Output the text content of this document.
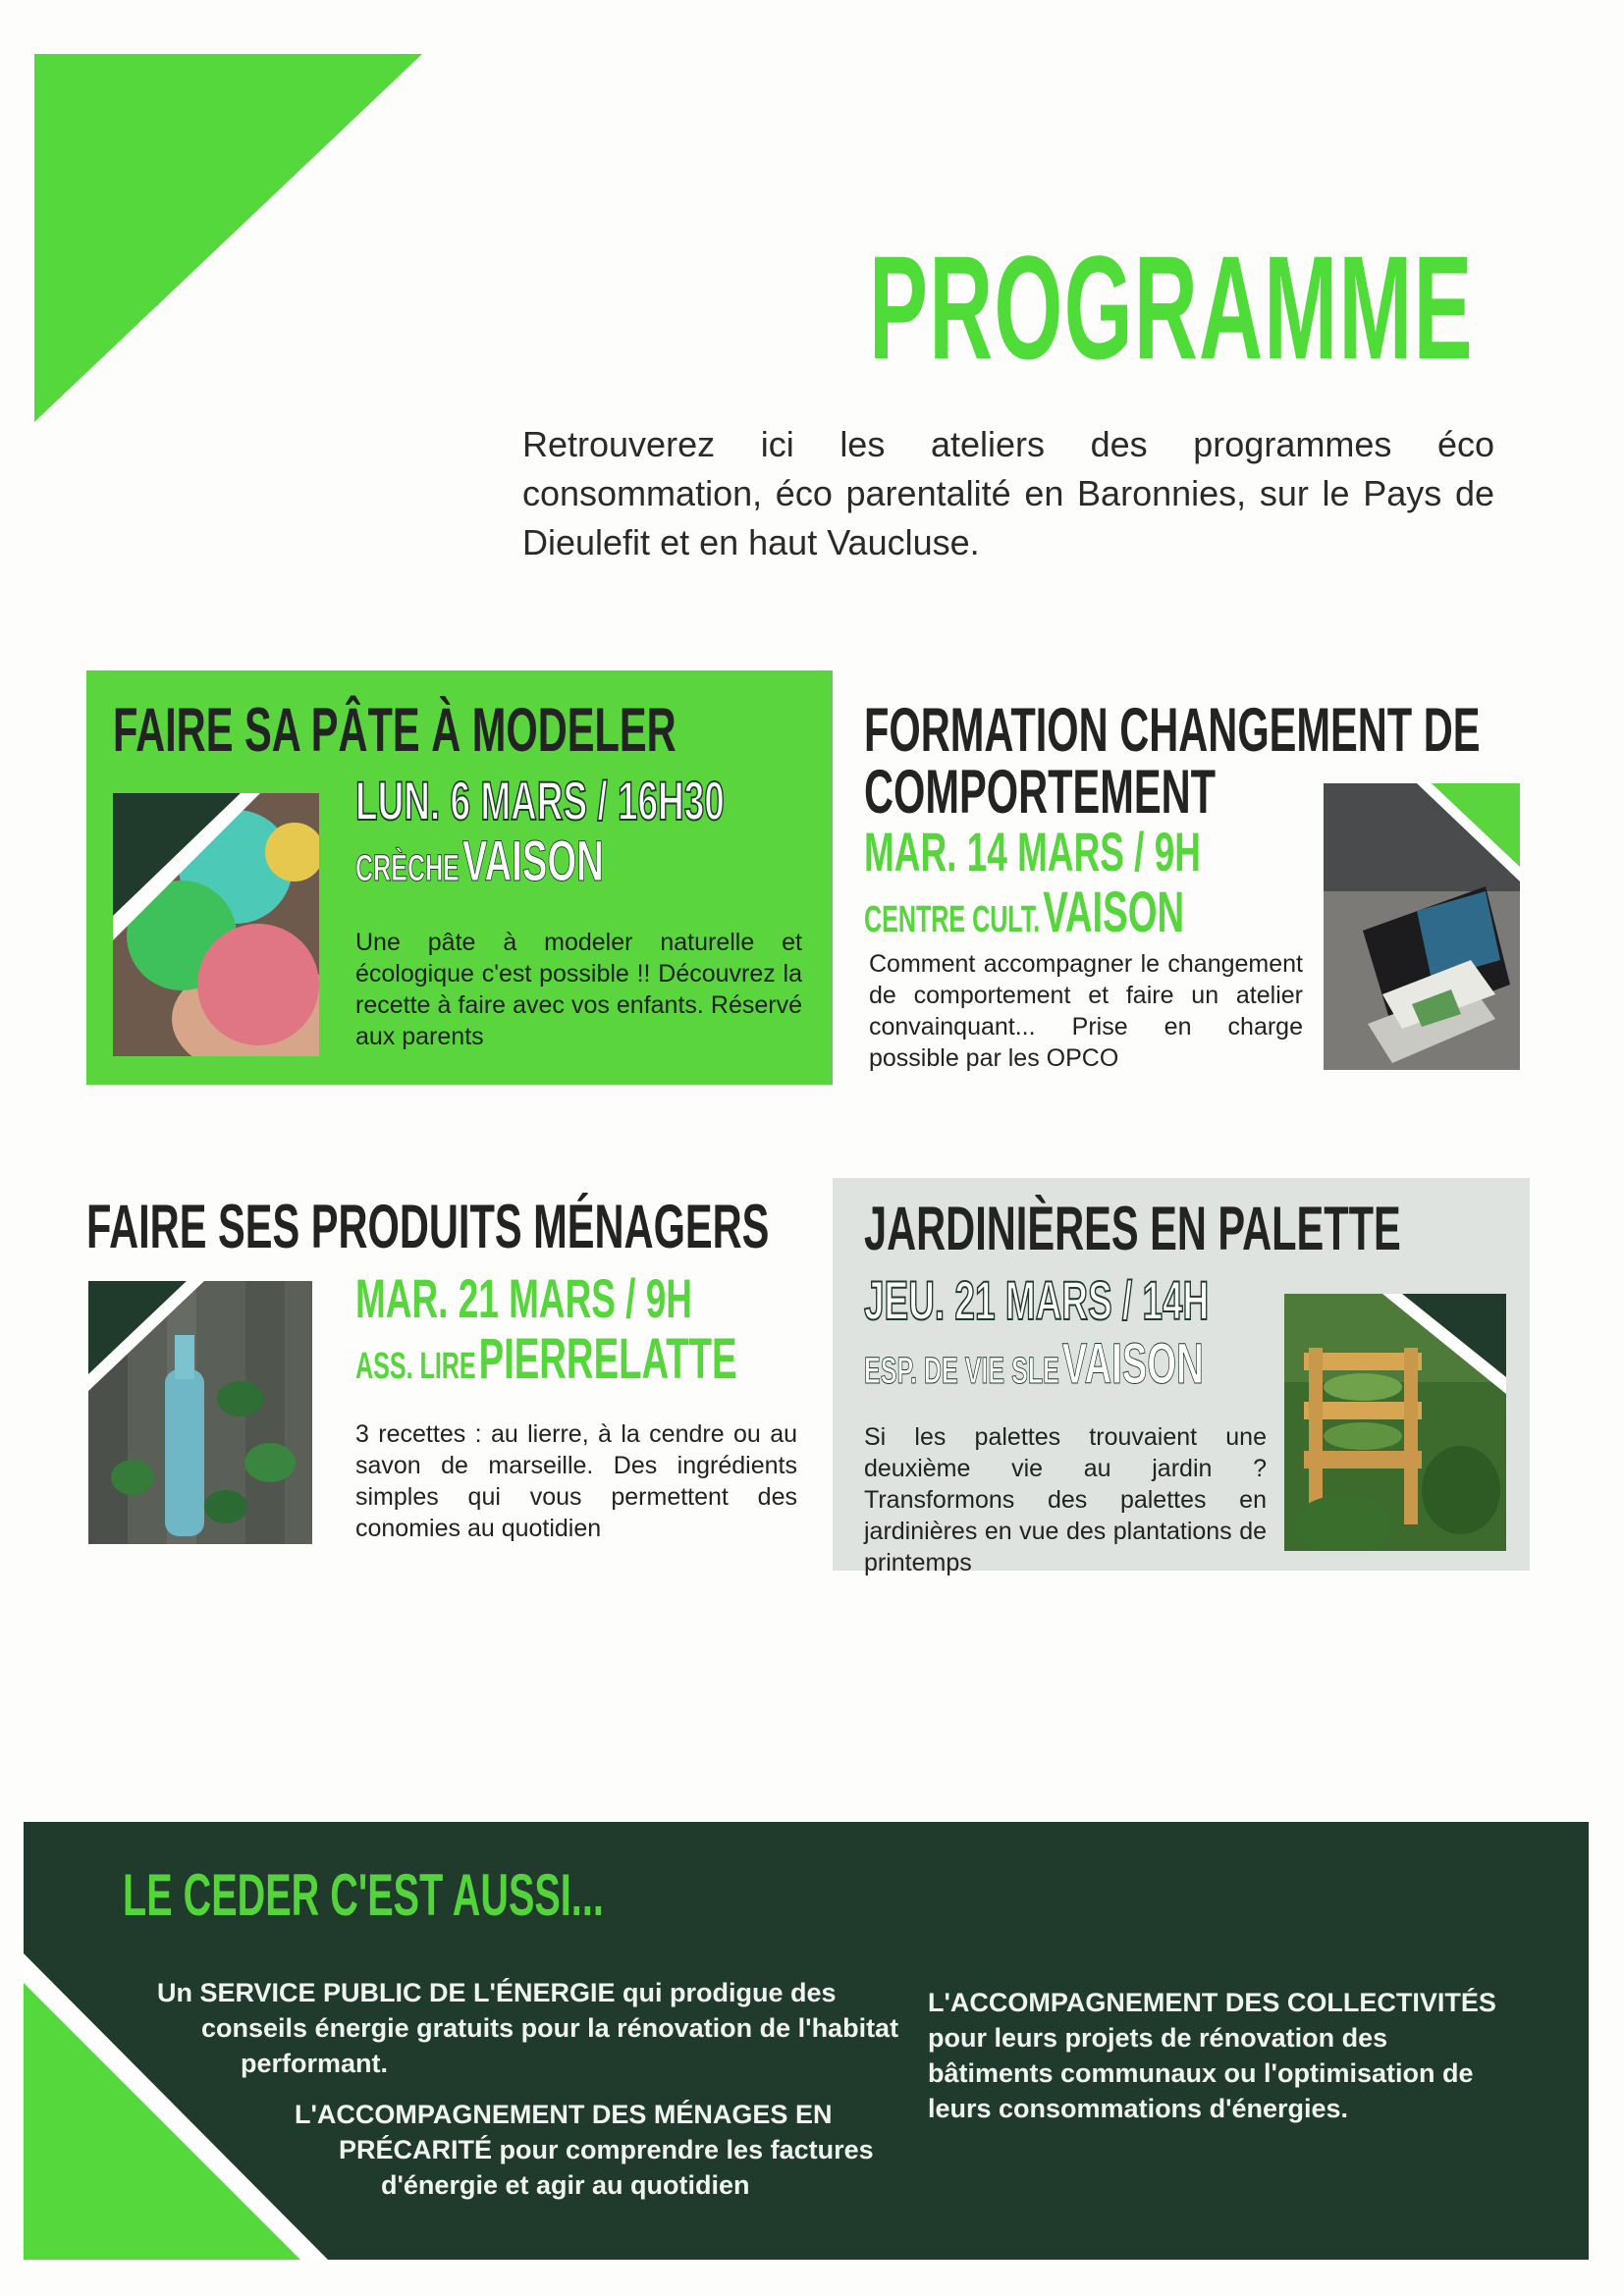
PROGRAMME
Retrouverez ici les ateliers des programmes éco consommation, éco parentalité en Baronnies, sur le Pays de Dieulefit et en haut Vaucluse.
FAIRE SA PÂTE À MODELER
LUN. 6 MARS / 16H30
CRÈCHE VAISON
Une pâte à modeler naturelle et écologique c'est possible !! Découvrez la recette à faire avec vos enfants. Réservé aux parents
FORMATION CHANGEMENT DE
COMPORTEMENT
MAR. 14 MARS / 9H
CENTRE CULT. VAISON
Comment accompagner le changement de comportement et faire un atelier convainquant... Prise en charge possible par les OPCO
FAIRE SES PRODUITS MÉNAGERS
MAR. 21 MARS / 9H
ASS. LIRE PIERRELATTE
3 recettes : au lierre, à la cendre ou au savon de marseille. Des ingrédients simples qui vous permettent des conomies au quotidien
JARDINIÈRES EN PALETTE
JEU. 21 MARS / 14H
ESP. DE VIE SLE VAISON
Si les palettes trouvaient une deuxième vie au jardin ? Transformons des palettes en jardinières en vue des plantations de printemps
LE CEDER C'EST AUSSI...
Un SERVICE PUBLIC DE L'ÉNERGIE qui prodigue des
conseils énergie gratuits pour la rénovation de l'habitat
performant.
L'ACCOMPAGNEMENT DES MÉNAGES EN
PRÉCARITÉ pour comprendre les factures
d'énergie et agir au quotidien
L'ACCOMPAGNEMENT DES COLLECTIVITÉS pour leurs projets de rénovation des bâtiments communaux ou l'optimisation de leurs consommations d'énergies.
